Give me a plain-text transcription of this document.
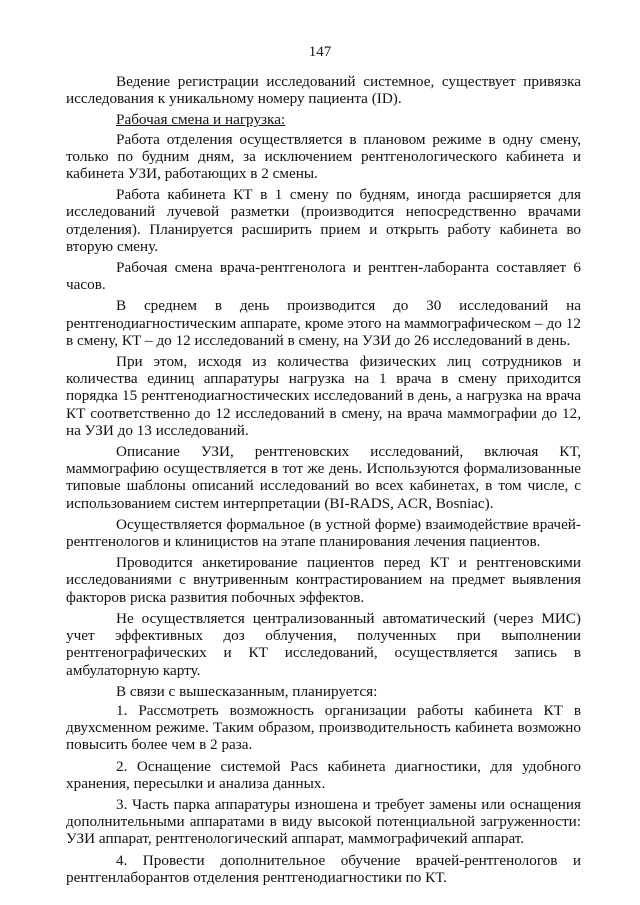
147

Ведение регистрации исследований системное, существует привязка исследования к уникальному номеру пациента (ID).

Рабочая смена и нагрузка:

Работа отделения осуществляется в плановом режиме в одну смену, только по будним дням, за исключением рентгенологического кабинета и кабинета УЗИ, работающих в 2 смены.

Работа кабинета КТ в 1 смену по будням, иногда расширяется для исследований лучевой разметки (производится непосредственно врачами отделения). Планируется расширить прием и открыть работу кабинета во вторую смену.

Рабочая смена врача-рентгенолога и рентген-лаборанта составляет 6 часов.

В среднем в день производится до 30 исследований на рентгенодиагностическим аппарате, кроме этого на маммографическом – до 12 в смену, КТ – до 12 исследований в смену, на УЗИ до 26 исследований в день.

При этом, исходя из количества физических лиц сотрудников и количества единиц аппаратуры нагрузка на 1 врача в смену приходится порядка 15 рентгенодиагностических исследований в день, а нагрузка на врача КТ соответственно до 12 исследований в смену, на врача маммографии до 12, на УЗИ до 13 исследований.

Описание УЗИ, рентгеновских исследований, включая КТ, маммографию осуществляется в тот же день. Используются формализованные типовые шаблоны описаний исследований во всех кабинетах, в том числе, с использованием систем интерпретации (BI-RADS, ACR, Bosniac).

Осуществляется формальное (в устной форме) взаимодействие врачей-рентгенологов и клиницистов на этапе планирования лечения пациентов.

Проводится анкетирование пациентов перед КТ и рентгеновскими исследованиями с внутривенным контрастированием на предмет выявления факторов риска развития побочных эффектов.

Не осуществляется централизованный автоматический (через МИС) учет эффективных доз облучения, полученных при выполнении рентгенографических и КТ исследований, осуществляется запись в амбулаторную карту.

В связи с вышесказанным, планируется:

1. Рассмотреть возможность организации работы кабинета КТ в двухсменном режиме. Таким образом, производительность кабинета возможно повысить более чем в 2 раза.

2. Оснащение системой Pacs кабинета диагностики, для удобного хранения, пересылки и анализа данных.

3. Часть парка аппаратуры изношена и требует замены или оснащения дополнительными аппаратами в виду высокой потенциальной загруженности: УЗИ аппарат, рентгенологический аппарат, маммографичекий аппарат.

4. Провести дополнительное обучение врачей-рентгенологов и рентгенлаборантов отделения рентгенодиагностики по КТ.
